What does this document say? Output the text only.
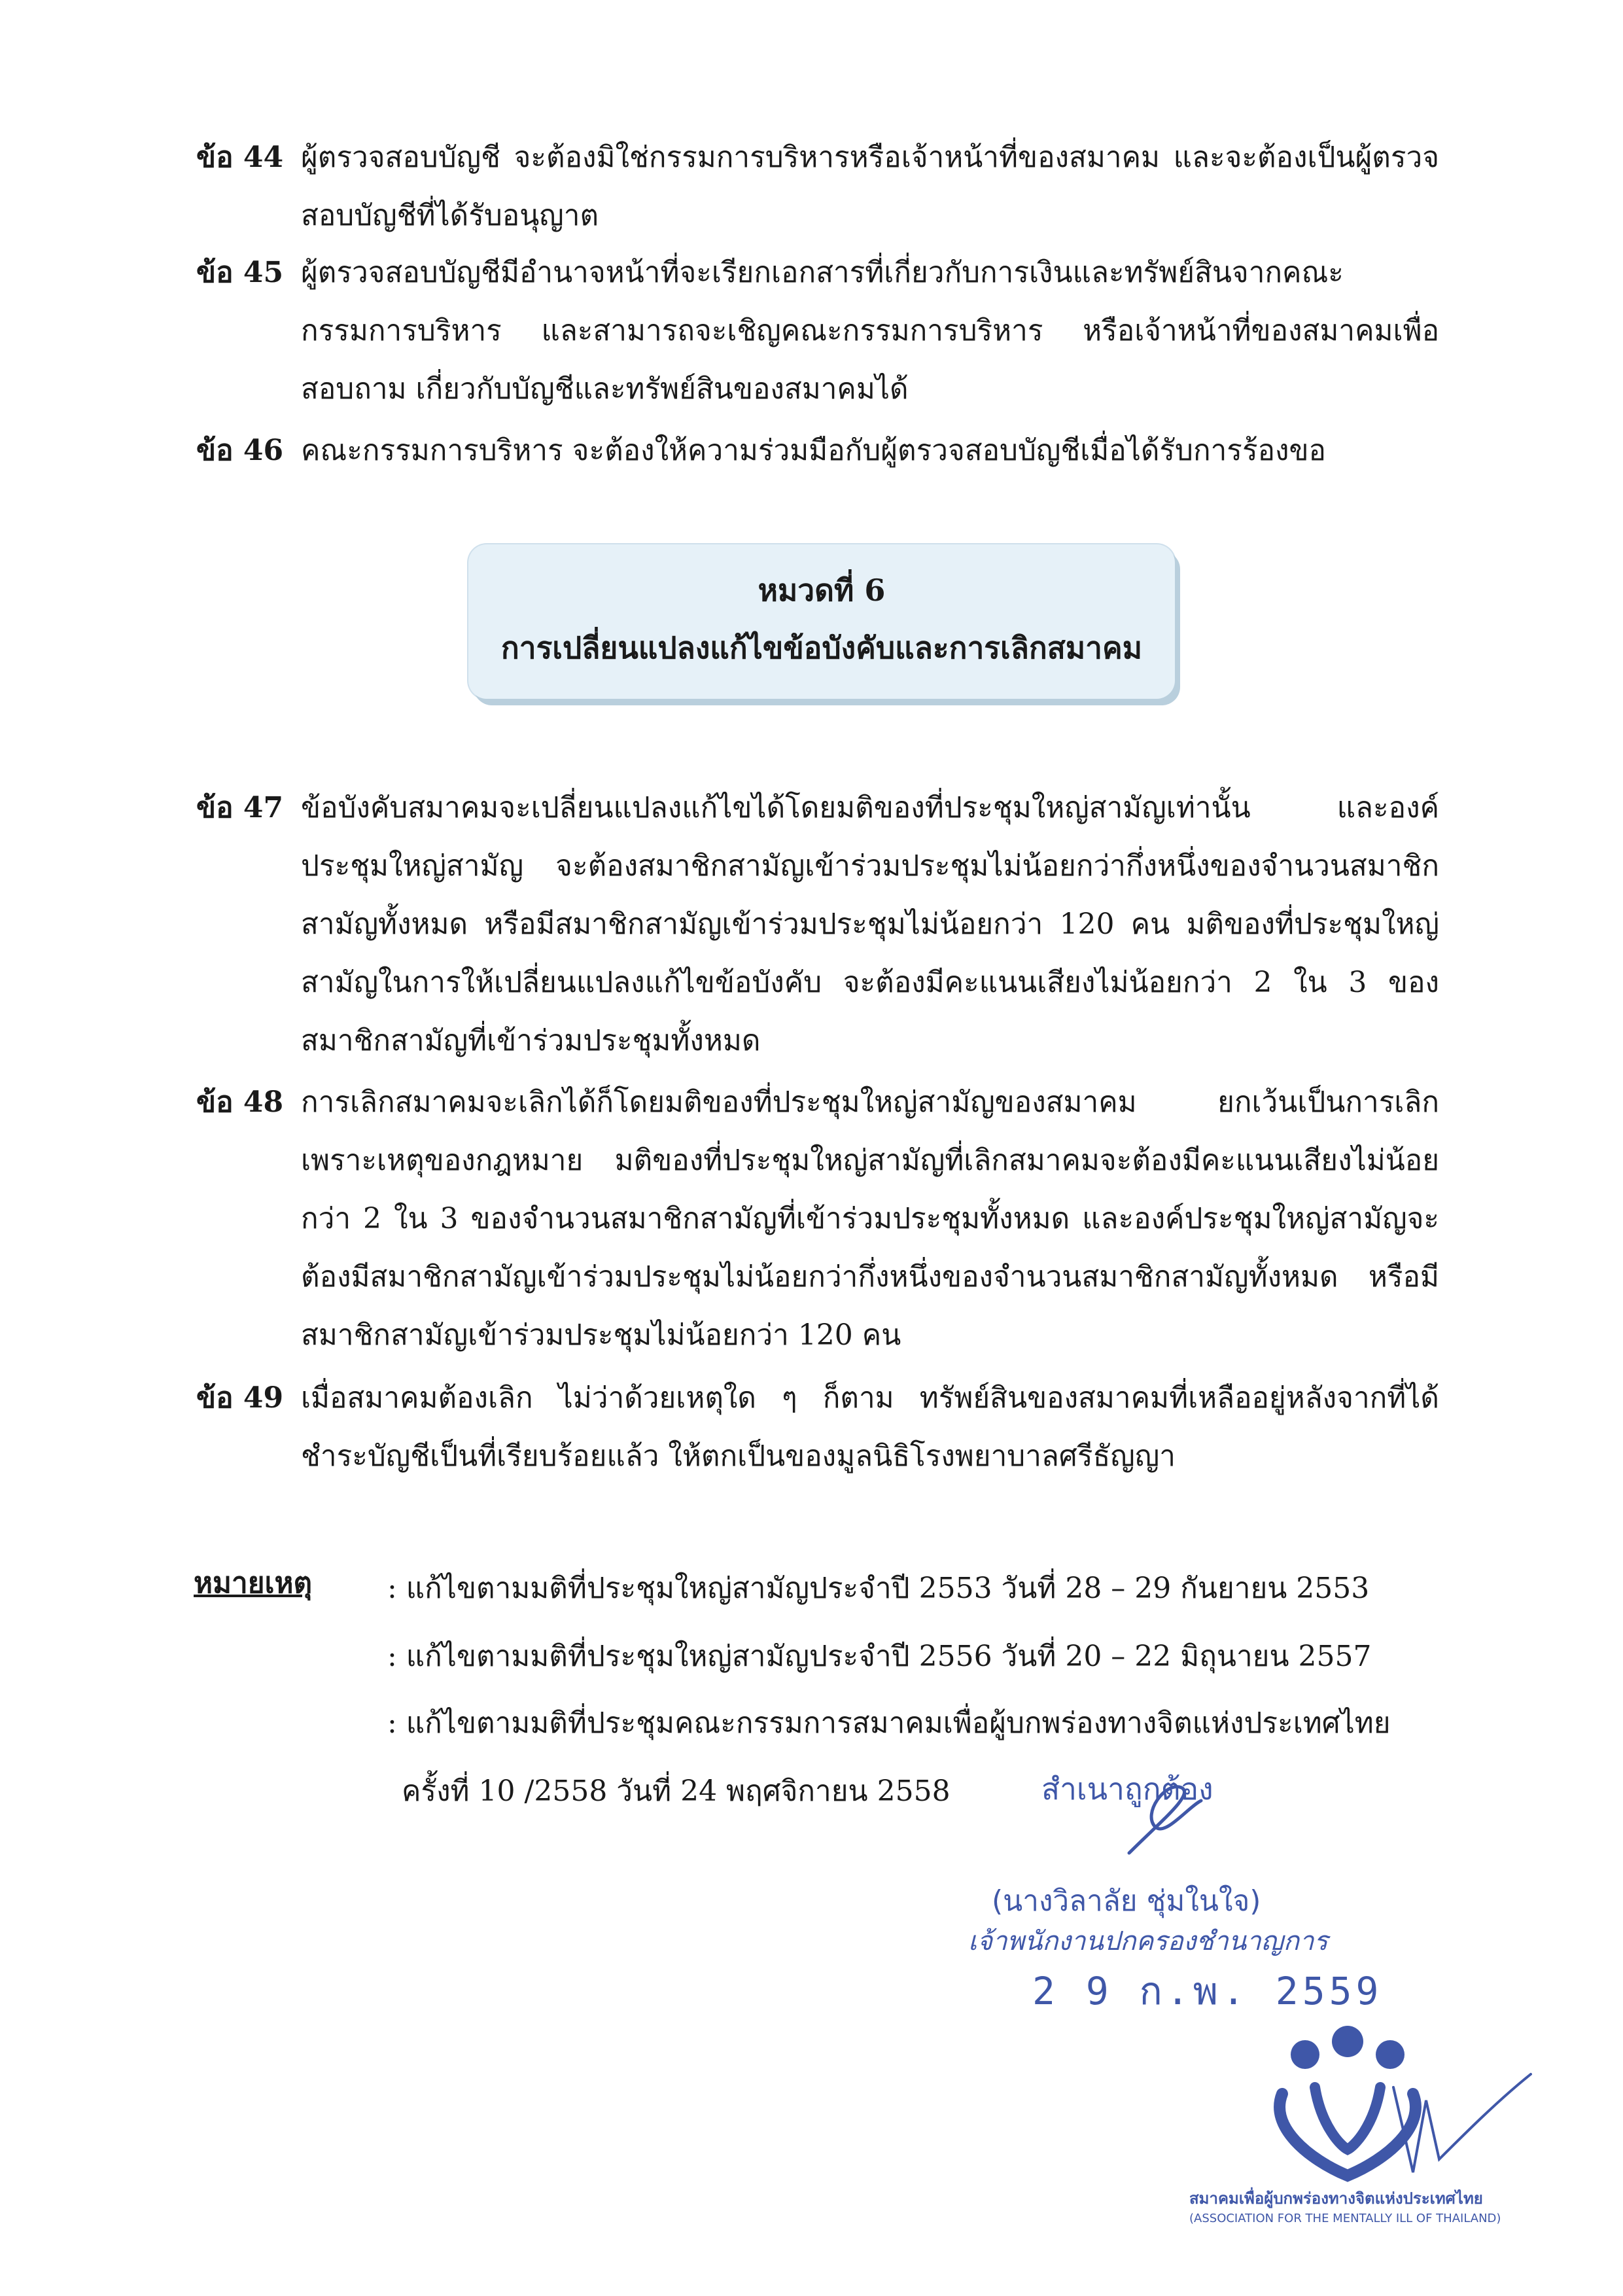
ข้อ 44 ผู้ตรวจสอบบัญชี จะต้องมิใช่กรรมการบริหารหรือเจ้าหน้าที่ของสมาคม และจะต้องเป็นผู้ตรวจสอบบัญชีที่ได้รับอนุญาต
ข้อ 45 ผู้ตรวจสอบบัญชีมีอำนาจหน้าที่จะเรียกเอกสารที่เกี่ยวกับการเงินและทรัพย์สินจากคณะกรรมการบริหาร และสามารถจะเชิญคณะกรรมการบริหาร หรือเจ้าหน้าที่ของสมาคมเพื่อสอบถาม เกี่ยวกับบัญชีและทรัพย์สินของสมาคมได้
ข้อ 46 คณะกรรมการบริหาร จะต้องให้ความร่วมมือกับผู้ตรวจสอบบัญชีเมื่อได้รับการร้องขอ
หมวดที่ 6
การเปลี่ยนแปลงแก้ไขข้อบังคับและการเลิกสมาคม
ข้อ 47 ข้อบังคับสมาคมจะเปลี่ยนแปลงแก้ไขได้โดยมติของที่ประชุมใหญ่สามัญเท่านั้น และองค์ประชุมใหญ่สามัญ จะต้องสมาชิกสามัญเข้าร่วมประชุมไม่น้อยกว่ากึ่งหนึ่งของจำนวนสมาชิกสามัญทั้งหมด หรือมีสมาชิกสามัญเข้าร่วมประชุมไม่น้อยกว่า 120 คน มติของที่ประชุมใหญ่สามัญในการให้เปลี่ยนแปลงแก้ไขข้อบังคับ จะต้องมีคะแนนเสียงไม่น้อยกว่า 2 ใน 3 ของสมาชิกสามัญที่เข้าร่วมประชุมทั้งหมด
ข้อ 48 การเลิกสมาคมจะเลิกได้ก็โดยมติของที่ประชุมใหญ่สามัญของสมาคม ยกเว้นเป็นการเลิกเพราะเหตุของกฎหมาย มติของที่ประชุมใหญ่สามัญที่เลิกสมาคมจะต้องมีคะแนนเสียงไม่น้อยกว่า 2 ใน 3 ของจำนวนสมาชิกสามัญที่เข้าร่วมประชุมทั้งหมด และองค์ประชุมใหญ่สามัญจะต้องมีสมาชิกสามัญเข้าร่วมประชุมไม่น้อยกว่ากึ่งหนึ่งของจำนวนสมาชิกสามัญทั้งหมด หรือมีสมาชิกสามัญเข้าร่วมประชุมไม่น้อยกว่า 120 คน
ข้อ 49 เมื่อสมาคมต้องเลิก ไม่ว่าด้วยเหตุใด ๆ ก็ตาม ทรัพย์สินของสมาคมที่เหลืออยู่หลังจากที่ได้ชำระบัญชีเป็นที่เรียบร้อยแล้ว ให้ตกเป็นของมูลนิธิโรงพยาบาลศรีธัญญา
หมายเหตุ	: แก้ไขตามมติที่ประชุมใหญ่สามัญประจำปี 2553 วันที่ 28 – 29 กันยายน 2553
: แก้ไขตามมติที่ประชุมใหญ่สามัญประจำปี 2556 วันที่ 20 – 22 มิถุนายน 2557
: แก้ไขตามมติที่ประชุมคณะกรรมการสมาคมเพื่อผู้บกพร่องทางจิตแห่งประเทศไทย
ครั้งที่ 10 /2558 วันที่ 24 พฤศจิกายน 2558	สำเนาถูกต้อง
(นางวิลาลัย ชุ่มในใจ)
เจ้าพนักงานปกครองชำนาญการ
2 9 ก.พ. 2559
สมาคมเพื่อผู้บกพร่องทางจิตแห่งประเทศไทย
(ASSOCIATION FOR THE MENTALLY ILL OF THAILAND)
